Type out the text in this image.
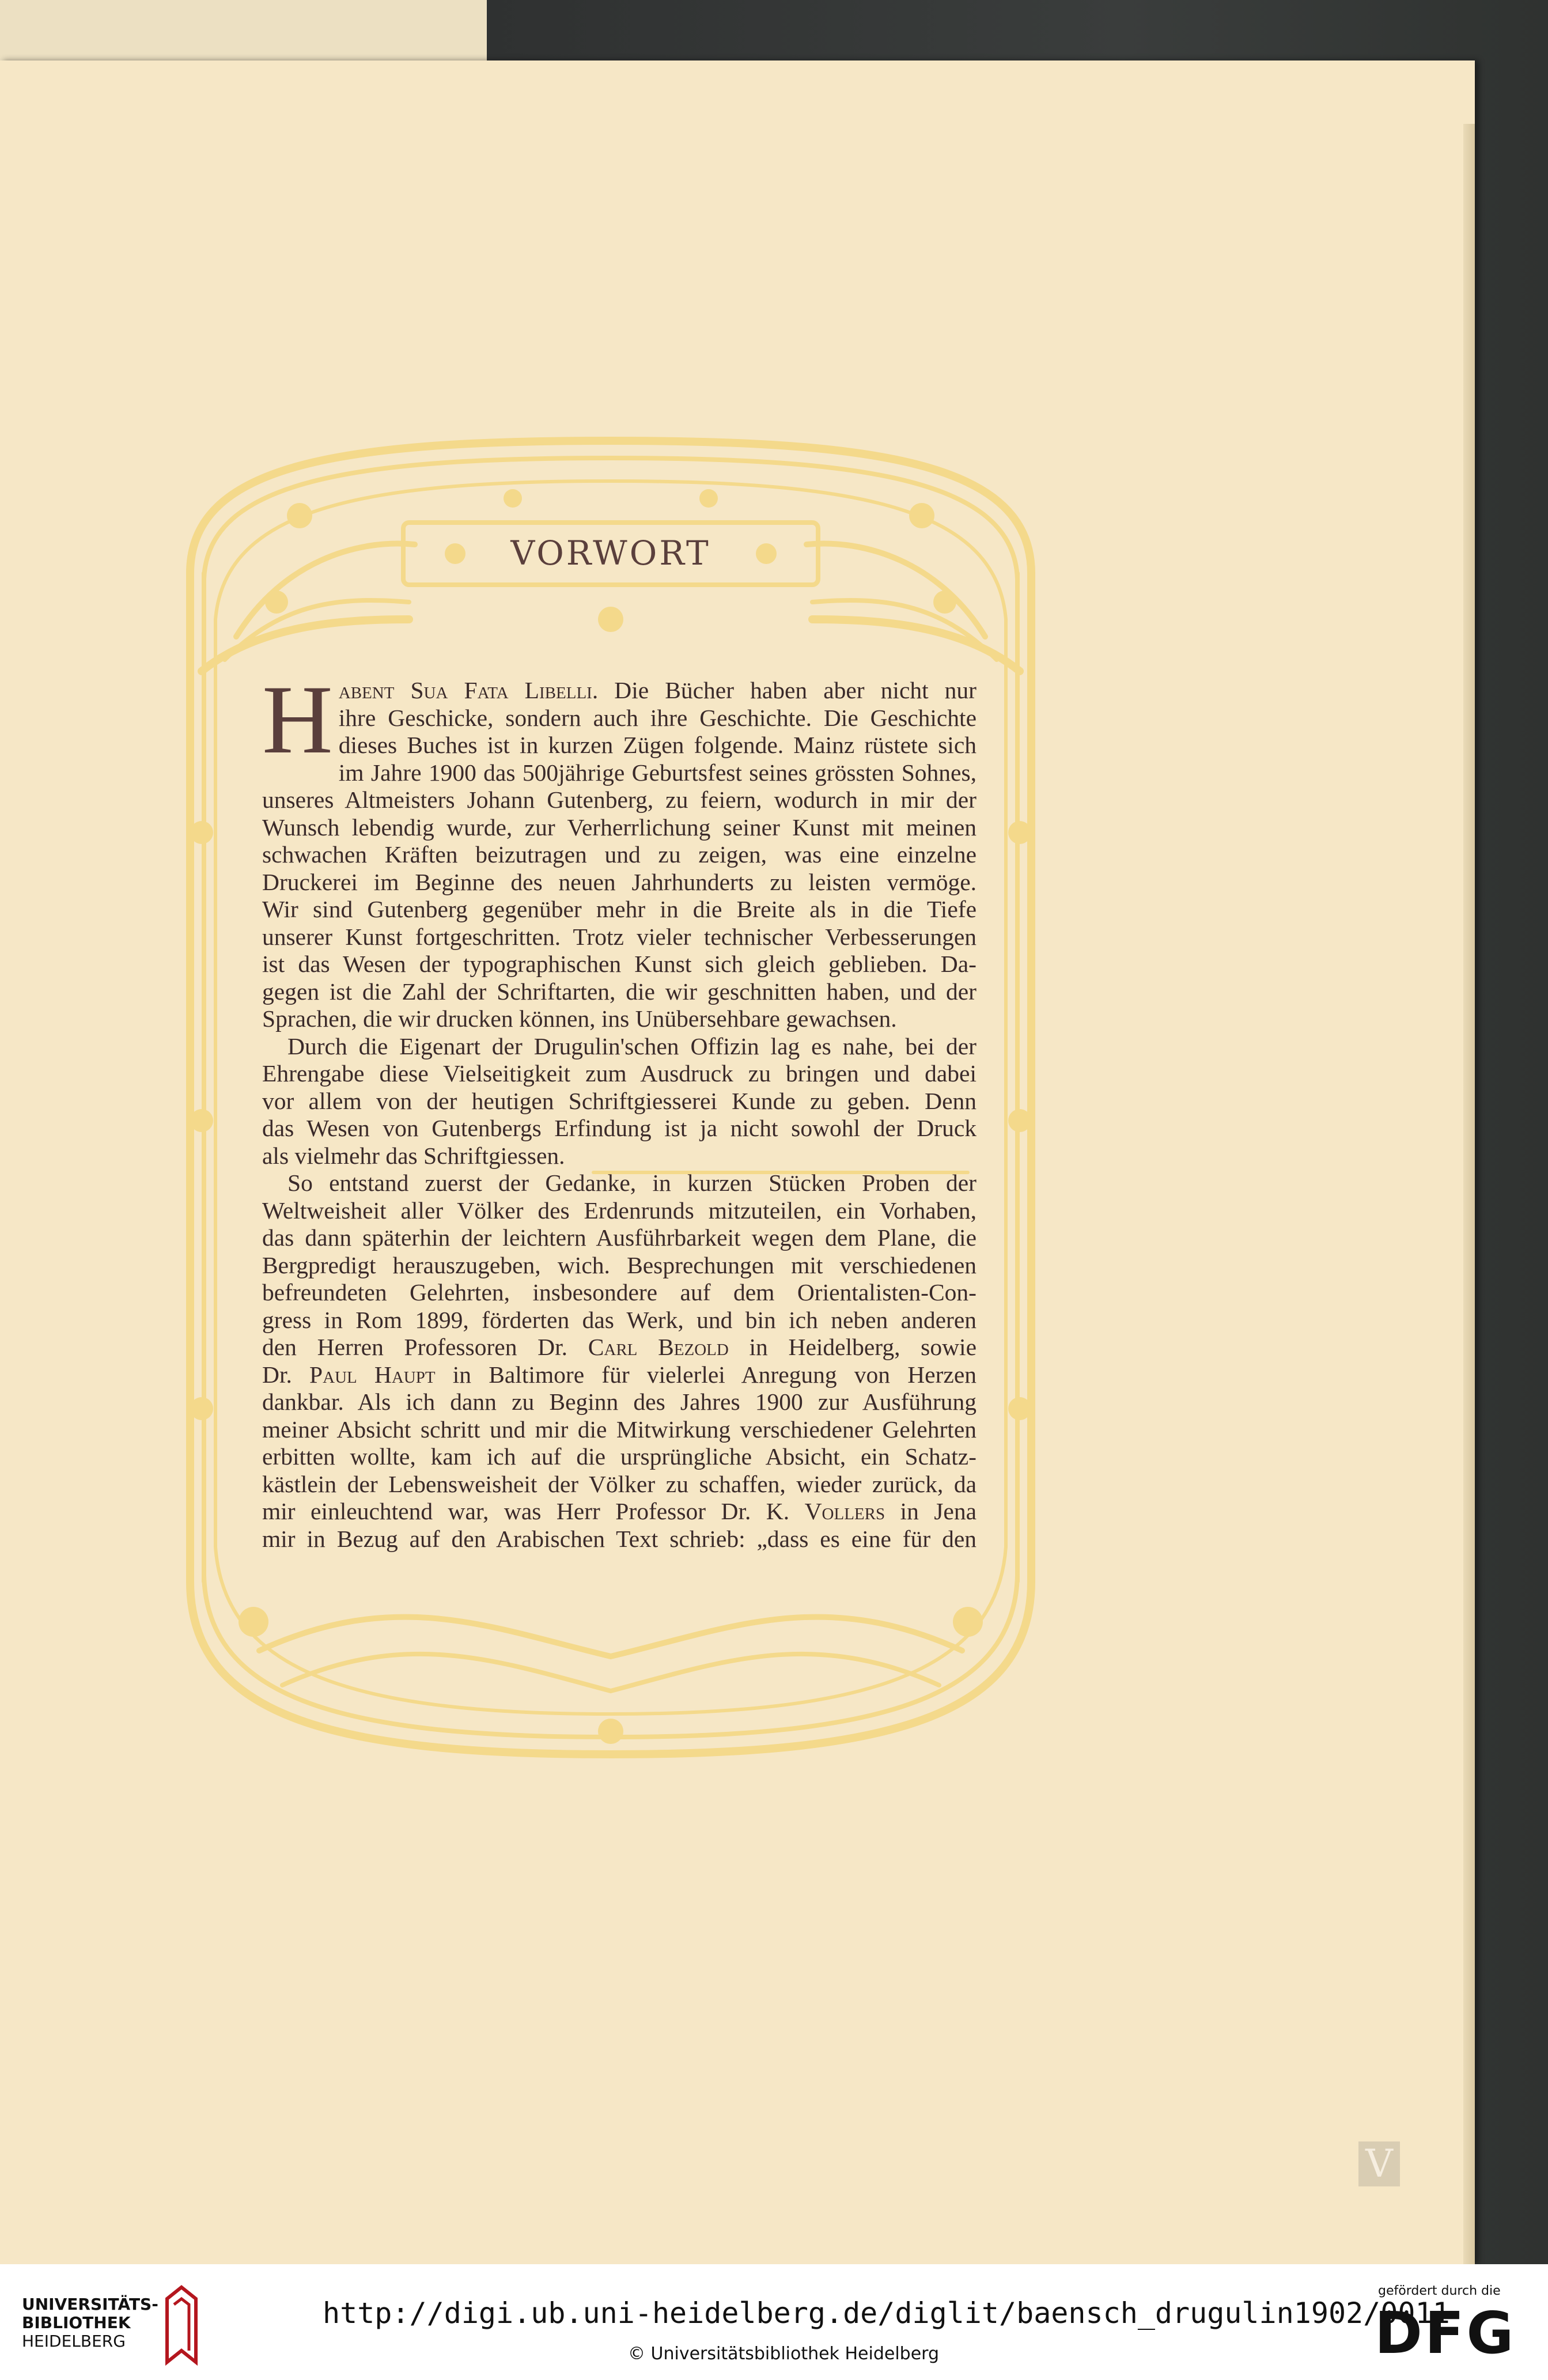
VORWORT
H abent Sua Fata Libelli. Die Bücher haben aber nicht nur
ihre Geschicke, sondern auch ihre Geschichte. Die Geschichte
dieses Buches ist in kurzen Zügen folgende. Mainz rüstete sich
im Jahre 1900 das 500jährige Geburtsfest seines grössten Sohnes,
unseres Altmeisters Johann Gutenberg, zu feiern, wodurch in mir der
Wunsch lebendig wurde, zur Verherrlichung seiner Kunst mit meinen
schwachen Kräften beizutragen und zu zeigen, was eine einzelne
Druckerei im Beginne des neuen Jahrhunderts zu leisten vermöge.
Wir sind Gutenberg gegenüber mehr in die Breite als in die Tiefe
unserer Kunst fortgeschritten. Trotz vieler technischer Verbesserungen
ist das Wesen der typographischen Kunst sich gleich geblieben. Da-
gegen ist die Zahl der Schriftarten, die wir geschnitten haben, und der
Sprachen, die wir drucken können, ins Unübersehbare gewachsen.
Durch die Eigenart der Drugulin'schen Offizin lag es nahe, bei der
Ehrengabe diese Vielseitigkeit zum Ausdruck zu bringen und dabei
vor allem von der heutigen Schriftgiesserei Kunde zu geben. Denn
das Wesen von Gutenbergs Erfindung ist ja nicht sowohl der Druck
als vielmehr das Schriftgiessen.
So entstand zuerst der Gedanke, in kurzen Stücken Proben der
Weltweisheit aller Völker des Erdenrunds mitzuteilen, ein Vorhaben,
das dann späterhin der leichtern Ausführbarkeit wegen dem Plane, die
Bergpredigt herauszugeben, wich. Besprechungen mit verschiedenen
befreundeten Gelehrten, insbesondere auf dem Orientalisten-Con-
gress in Rom 1899, förderten das Werk, und bin ich neben anderen
den Herren Professoren Dr. Carl Bezold in Heidelberg, sowie
Dr. Paul Haupt in Baltimore für vielerlei Anregung von Herzen
dankbar. Als ich dann zu Beginn des Jahres 1900 zur Ausführung
meiner Absicht schritt und mir die Mitwirkung verschiedener Gelehrten
erbitten wollte, kam ich auf die ursprüngliche Absicht, ein Schatz-
kästlein der Lebensweisheit der Völker zu schaffen, wieder zurück, da
mir einleuchtend war, was Herr Professor Dr. K. Vollers in Jena
mir in Bezug auf den Arabischen Text schrieb: „dass es eine für den
V
UNIVERSITÄTS-
BIBLIOTHEK
HEIDELBERG
http://digi.ub.uni-heidelberg.de/diglit/baensch_drugulin1902/0011
© Universitätsbibliothek Heidelberg
gefördert durch die
DFG
